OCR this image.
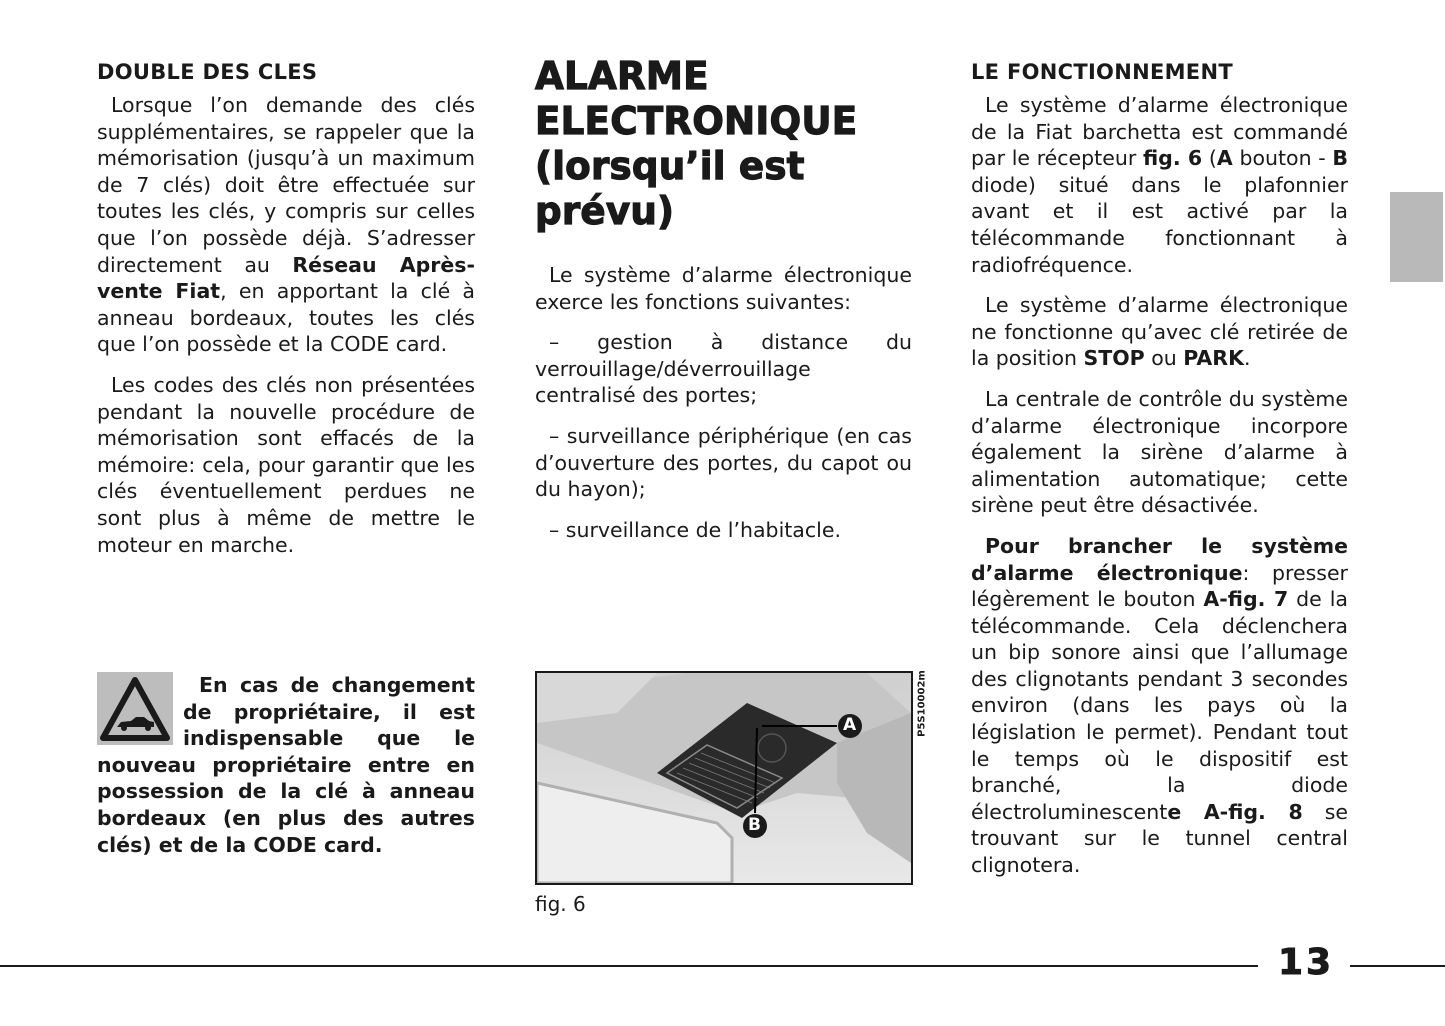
DOUBLE DES CLES

Lorsque l’on demande des clés supplémentaires, se rappeler que la mémorisation (jusqu’à un maximum de 7 clés) doit être effectuée sur toutes les clés, y compris sur celles que l’on possède déjà. S’adresser directement au Réseau Après-vente Fiat, en apportant la clé à anneau bordeaux, toutes les clés que l’on possède et la CODE card.

Les codes des clés non présentées pendant la nouvelle procédure de mémorisation sont effacés de la mémoire: cela, pour garantir que les clés éventuellement perdues ne sont plus à même de mettre le moteur en marche.

En cas de changement de propriétaire, il est indispensable que le nouveau propriétaire entre en possession de la clé à anneau bordeaux (en plus des autres clés) et de la CODE card.

ALARME
ELECTRONIQUE
(lorsqu’il est
prévu)

Le système d’alarme électronique exerce les fonctions suivantes:

– gestion à distance du verrouillage/déverrouillage centralisé des portes;

– surveillance périphérique (en cas d’ouverture des portes, du capot ou du hayon);

– surveillance de l’habitacle.

A
B
P5S10002m
fig. 6
LE FONCTIONNEMENT

Le système d’alarme électronique de la Fiat barchetta est commandé par le récepteur fig. 6 (A bouton - B diode) situé dans le plafonnier avant et il est activé par la télécommande fonctionnant à radiofréquence.

Le système d’alarme électronique ne fonctionne qu’avec clé retirée de la position STOP ou PARK.

La centrale de contrôle du système d’alarme électronique incorpore également la sirène d’alarme à alimentation automatique; cette sirène peut être désactivée.

Pour brancher le système d’alarme électronique: presser légèrement le bouton A-fig. 7 de la télécommande. Cela déclenchera un bip sonore ainsi que l’allumage des clignotants pendant 3 secondes environ (dans les pays où la législation le permet). Pendant tout le temps où le dispositif est branché, la diode électroluminescente A-fig. 8 se trouvant sur le tunnel central clignotera.

13
